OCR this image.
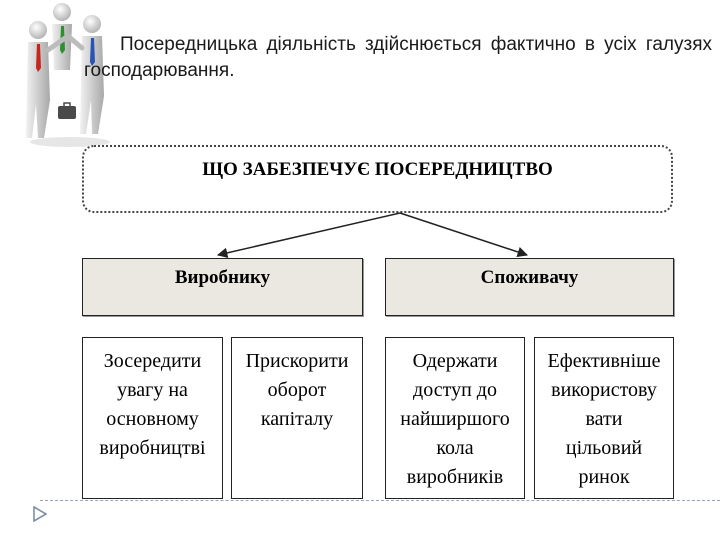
Посередницька діяльність здійснюється фактично в усіх галузях господарювання.
ЩО ЗАБЕЗПЕЧУЄ ПОСЕРЕДНИЦТВО
Виробнику	Споживачу
Зосередити
увагу на
основному
виробництві
Прискорити
оборот
капіталу
Одержати
доступ до
найширшого
кола
виробників
Ефективніше
використову
вати
цільовий
ринок
